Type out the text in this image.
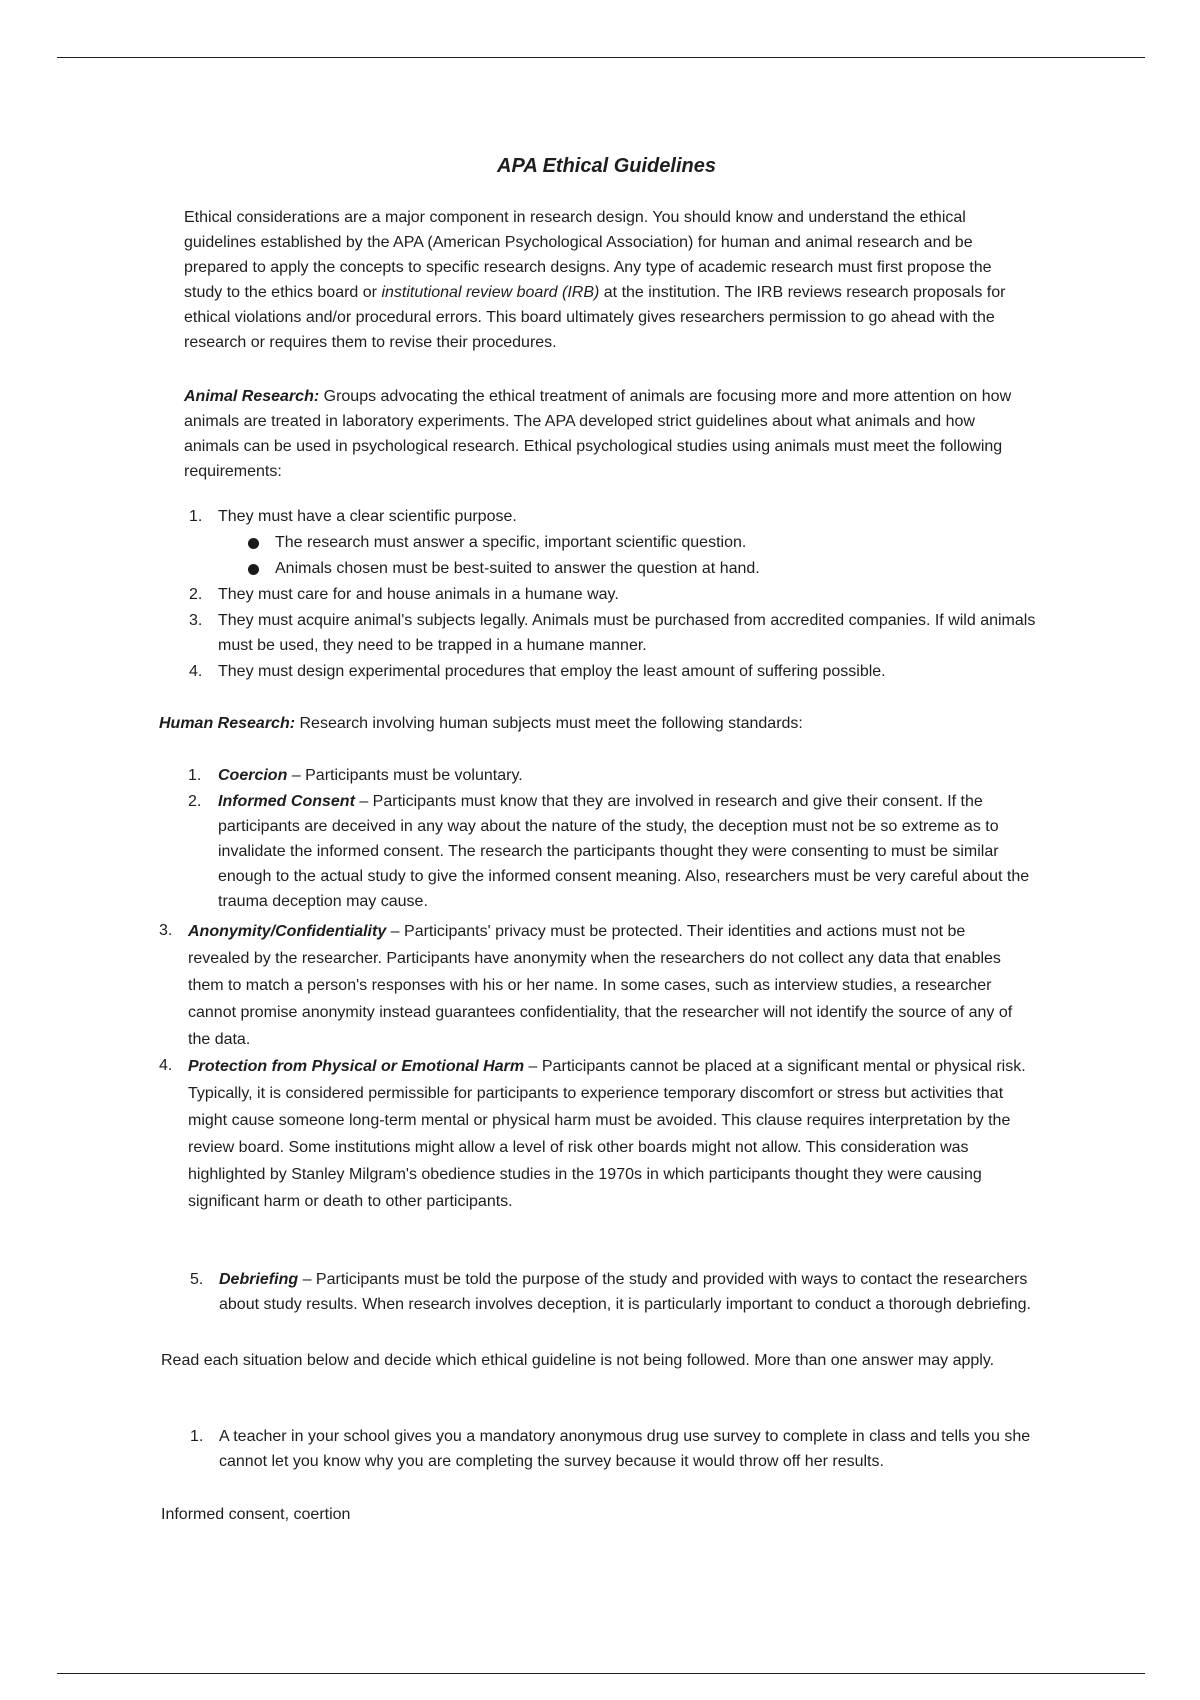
APA Ethical Guidelines

Ethical considerations are a major component in research design. You should know and understand the ethical guidelines established by the APA (American Psychological Association) for human and animal research and be prepared to apply the concepts to specific research designs. Any type of academic research must first propose the study to the ethics board or institutional review board (IRB) at the institution. The IRB reviews research proposals for ethical violations and/or procedural errors. This board ultimately gives researchers permission to go ahead with the research or requires them to revise their procedures.

Animal Research: Groups advocating the ethical treatment of animals are focusing more and more attention on how animals are treated in laboratory experiments. The APA developed strict guidelines about what animals and how animals can be used in psychological research. Ethical psychological studies using animals must meet the following requirements:

1. They must have a clear scientific purpose.
The research must answer a specific, important scientific question.
Animals chosen must be best-suited to answer the question at hand.
2. They must care for and house animals in a humane way.
3. They must acquire animal's subjects legally. Animals must be purchased from accredited companies. If wild animals must be used, they need to be trapped in a humane manner.
4. They must design experimental procedures that employ the least amount of suffering possible.

Human Research: Research involving human subjects must meet the following standards:

1. Coercion – Participants must be voluntary.
2. Informed Consent – Participants must know that they are involved in research and give their consent. If the participants are deceived in any way about the nature of the study, the deception must not be so extreme as to invalidate the informed consent. The research the participants thought they were consenting to must be similar enough to the actual study to give the informed consent meaning. Also, researchers must be very careful about the trauma deception may cause.
3. Anonymity/Confidentiality – Participants' privacy must be protected. Their identities and actions must not be revealed by the researcher. Participants have anonymity when the researchers do not collect any data that enables them to match a person's responses with his or her name. In some cases, such as interview studies, a researcher cannot promise anonymity instead guarantees confidentiality, that the researcher will not identify the source of any of the data.
4. Protection from Physical or Emotional Harm – Participants cannot be placed at a significant mental or physical risk. Typically, it is considered permissible for participants to experience temporary discomfort or stress but activities that might cause someone long-term mental or physical harm must be avoided. This clause requires interpretation by the review board. Some institutions might allow a level of risk other boards might not allow. This consideration was highlighted by Stanley Milgram's obedience studies in the 1970s in which participants thought they were causing significant harm or death to other participants.
5. Debriefing – Participants must be told the purpose of the study and provided with ways to contact the researchers about study results. When research involves deception, it is particularly important to conduct a thorough debriefing.

Read each situation below and decide which ethical guideline is not being followed. More than one answer may apply.

1. A teacher in your school gives you a mandatory anonymous drug use survey to complete in class and tells you she cannot let you know why you are completing the survey because it would throw off her results.

Informed consent, coertion
